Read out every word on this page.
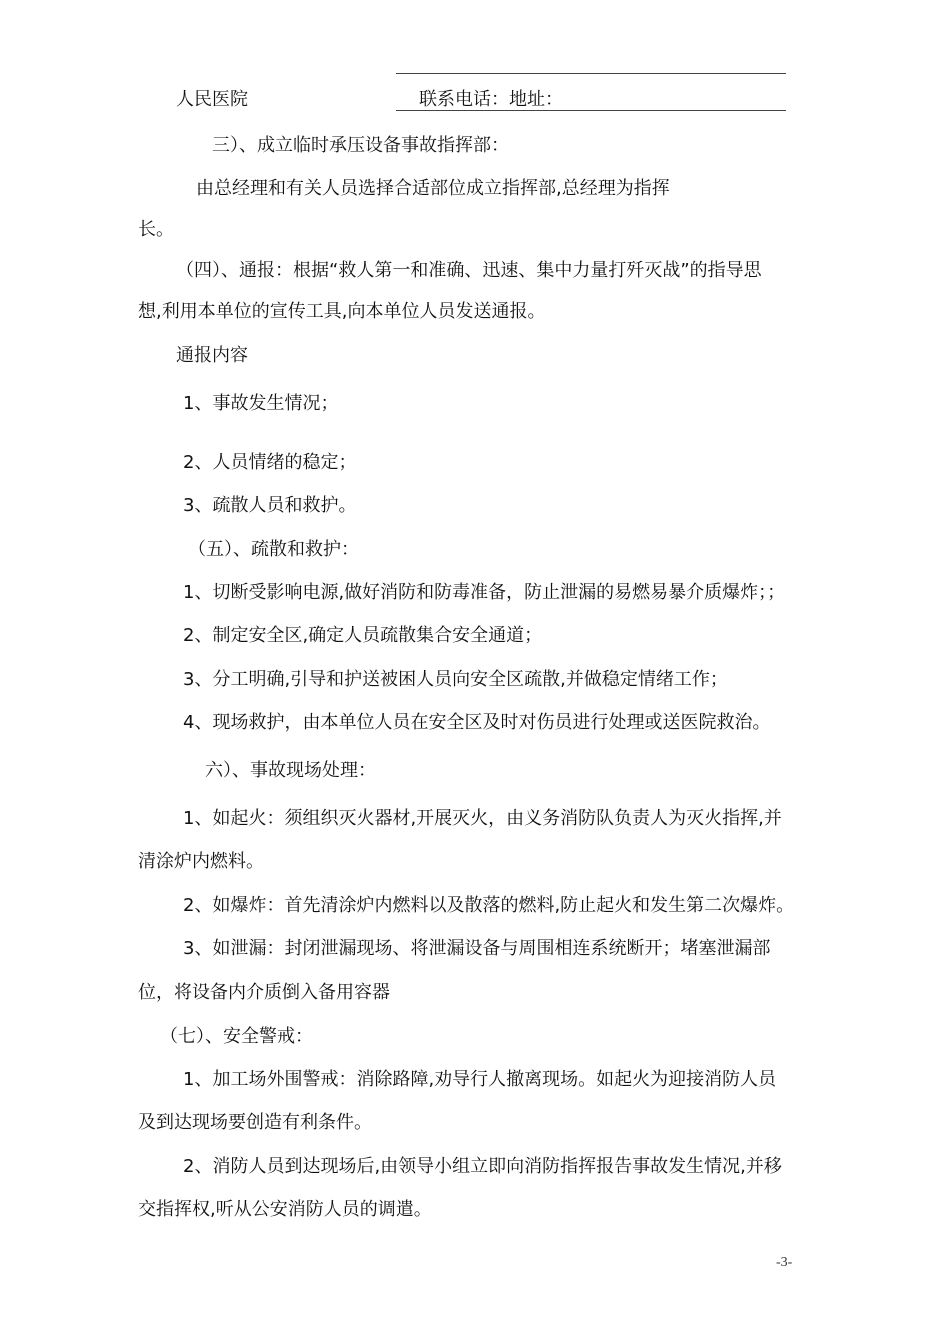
人民医院	联系电话：地址：
三）、成立临时承压设备事故指挥部：
由总经理和有关人员选择合适部位成立指挥部,总经理为指挥
长。
（四）、通报：根据“救人第一和准确、迅速、集中力量打歼灭战”的指导思
想,利用本单位的宣传工具,向本单位人员发送通报。
通报内容
1、事故发生情况；
2、人员情绪的稳定；
3、疏散人员和救护。
（五）、疏散和救护：
1、切断受影响电源,做好消防和防毒准备，防止泄漏的易燃易暴介质爆炸；；
2、制定安全区,确定人员疏散集合安全通道；
3、分工明确,引导和护送被困人员向安全区疏散,并做稳定情绪工作；
4、现场救护，由本单位人员在安全区及时对伤员进行处理或送医院救治。
六）、事故现场处理：
1、如起火：须组织灭火器材,开展灭火，由义务消防队负责人为灭火指挥,并
清涂炉内燃料。
2、如爆炸：首先清涂炉内燃料以及散落的燃料,防止起火和发生第二次爆炸。
3、如泄漏：封闭泄漏现场、将泄漏设备与周围相连系统断开；堵塞泄漏部
位，将设备内介质倒入备用容器
（七）、安全警戒：
1、加工场外围警戒：消除路障,劝导行人撤离现场。如起火为迎接消防人员
及到达现场要创造有利条件。
2、消防人员到达现场后,由领导小组立即向消防指挥报告事故发生情况,并移
交指挥权,听从公安消防人员的调遣。
-3-
